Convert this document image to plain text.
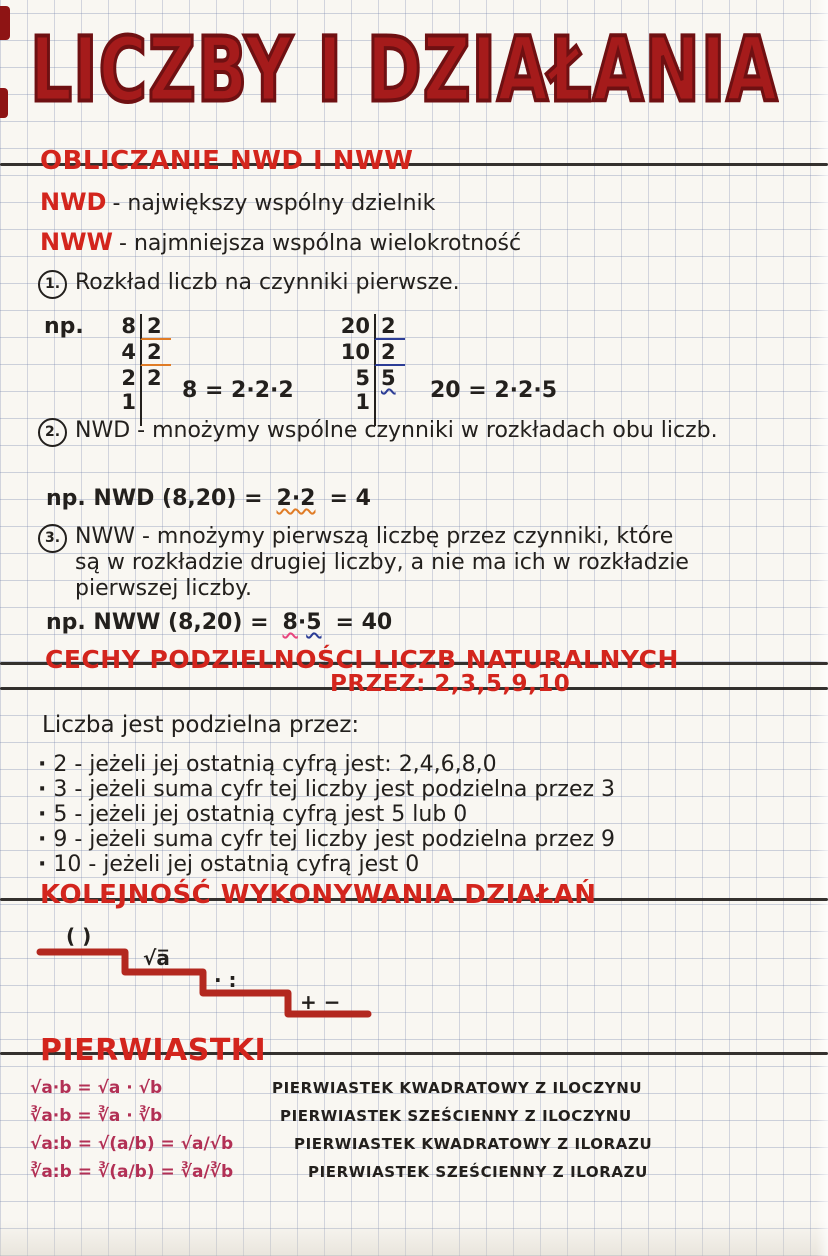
LICZBY I DZIAŁANIA
OBLICZANIE NWD I NWW
NWD - największy wspólny dzielnik
NWW - najmniejsza wspólna wielokrotność
1. Rozkład liczb na czynniki pierwsze.
np.	8 2
4 2
2 2
1 8 = 2·2·2
20 2
10 2
5 5
1	20 = 2·2·5
2. NWD - mnożymy wspólne czynniki w rozkładach obu liczb.
np. NWD (8,20) = 2·2 = 4
3. NWW - mnożymy pierwszą liczbę przez czynniki, które są w rozkładzie drugiej liczby, a nie ma ich w rozkładzie pierwszej liczby.
np. NWW (8,20) = 8·5 = 40
CECHY PODZIELNOŚCI LICZB NATURALNYCH
PRZEZ: 2,3,5,9,10
Liczba jest podzielna przez:
· 2 - jeżeli jej ostatnią cyfrą jest: 2,4,6,8,0
· 3 - jeżeli suma cyfr tej liczby jest podzielna przez 3
· 5 - jeżeli jej ostatnią cyfrą jest 5 lub 0
· 9 - jeżeli suma cyfr tej liczby jest podzielna przez 9
· 10 - jeżeli jej ostatnią cyfrą jest 0
KOLEJNOŚĆ WYKONYWANIA DZIAŁAŃ
( )
√a̅
· :
+ −
PIERWIASTKI
√a·b = √a · √b	PIERWIASTEK KWADRATOWY Z ILOCZYNU
∛a·b = ∛a · ∛b	PIERWIASTEK SZEŚCIENNY Z ILOCZYNU
√a:b = √(a/b) = √a/√b	PIERWIASTEK KWADRATOWY Z ILORAZU
∛a:b = ∛(a/b) = ∛a/∛b	PIERWIASTEK SZEŚCIENNY Z ILORAZU
